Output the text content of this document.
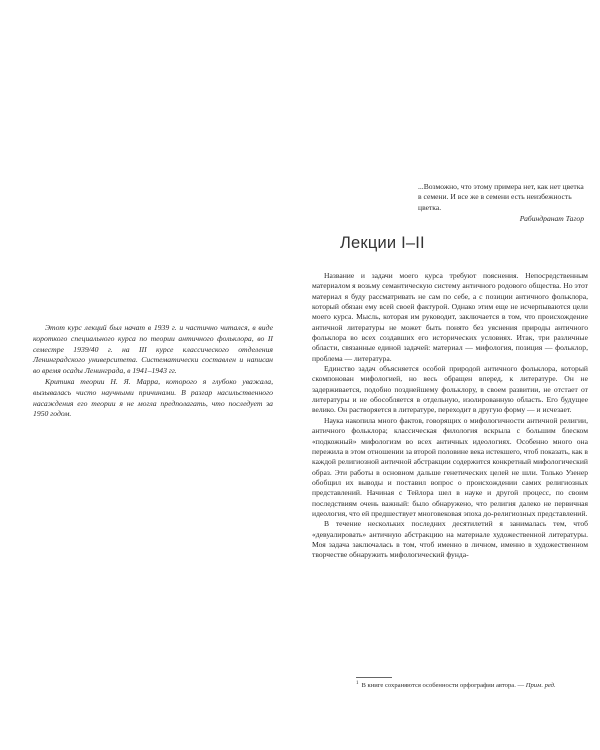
Этот курс лекций был начат в 1939 г. и частично читался, в виде короткого специального курса по теории античного фольклора, во II семестре 1939/40 г. на III курсе классического отделения Ленинградского университета. Систематически составлен и написан во время осады Ленинграда, в 1941–1943 гг.

Критика теории Н. Я. Марра, которого я глубоко уважала, вызывалась чисто научными причинами. В разгар насильственного насаждения его теории я не могла предполагать, что последует за 1950 годом.

...Возможно, что этому примера нет, как нет цветка в семени. И все же в семени есть неизбежность цветка.

Рабиндранат Тагор

Лекции I–II

Название и задачи моего курса требуют пояснения. Непосредственным материалом я возьму семантическую систему античного родового общества. Но этот материал я буду рассматривать не сам по себе, а с позиции античного фольклора, который обязан ему всей своей фактурой. Однако этим еще не исчерпываются цели моего курса. Мысль, которая им руководит, заключается в том, что происхождение античной литературы не может быть понято без уяснения природы античного фольклора во всех создавших его исторических условиях. Итак, три различные области, связанные единой задачей: материал — мифология, позиция — фольклор, проблема — литература.

Единство задач объясняется особой природой античного фольклора, который скомпонован мифологией, но весь обращен вперед, к литературе. Он не задерживается, подобно позднейшему фольклору, в своем развитии, не отстает от литературы и не обособляется в отдельную, изолированную область. Его будущее велико. Он растворяется в литературе, переходит в другую форму — и исчезает.

Наука накопила много фактов, говорящих о мифологичности античной религии, античного фольклора; классическая филология вскрыла с большим блеском «подкожный» мифологизм во всех античных идеологиях. Особенно много она пережила в этом отношении за второй половине века истекшего, чтоб показать, как в каждой религиозной античной абстракции содержится конкретный мифологический образ. Эти работы в основном дальше генетических целей не шли. Только Узенер обобщил их выводы и поставил вопрос о происхождении самих религиозных представлений. Начиная с Тейлора шел в науке и другой процесс, по своим последствиям очень важный: было обнаружено, что религия далеко не первичная идеология, что ей предшествует многовековая эпоха до-религиозных представлений.

В течение нескольких последних десятилетий я занималась тем, чтоб «девуалировать» античную абстракцию на материале художественной литературы. Моя задача заключалась в том, чтоб именно в личном, именно в художественном творчестве обнаружить мифологический фунда-

$^1$ В книге сохраняются особенности орфографии автора. — Прим. ред.
